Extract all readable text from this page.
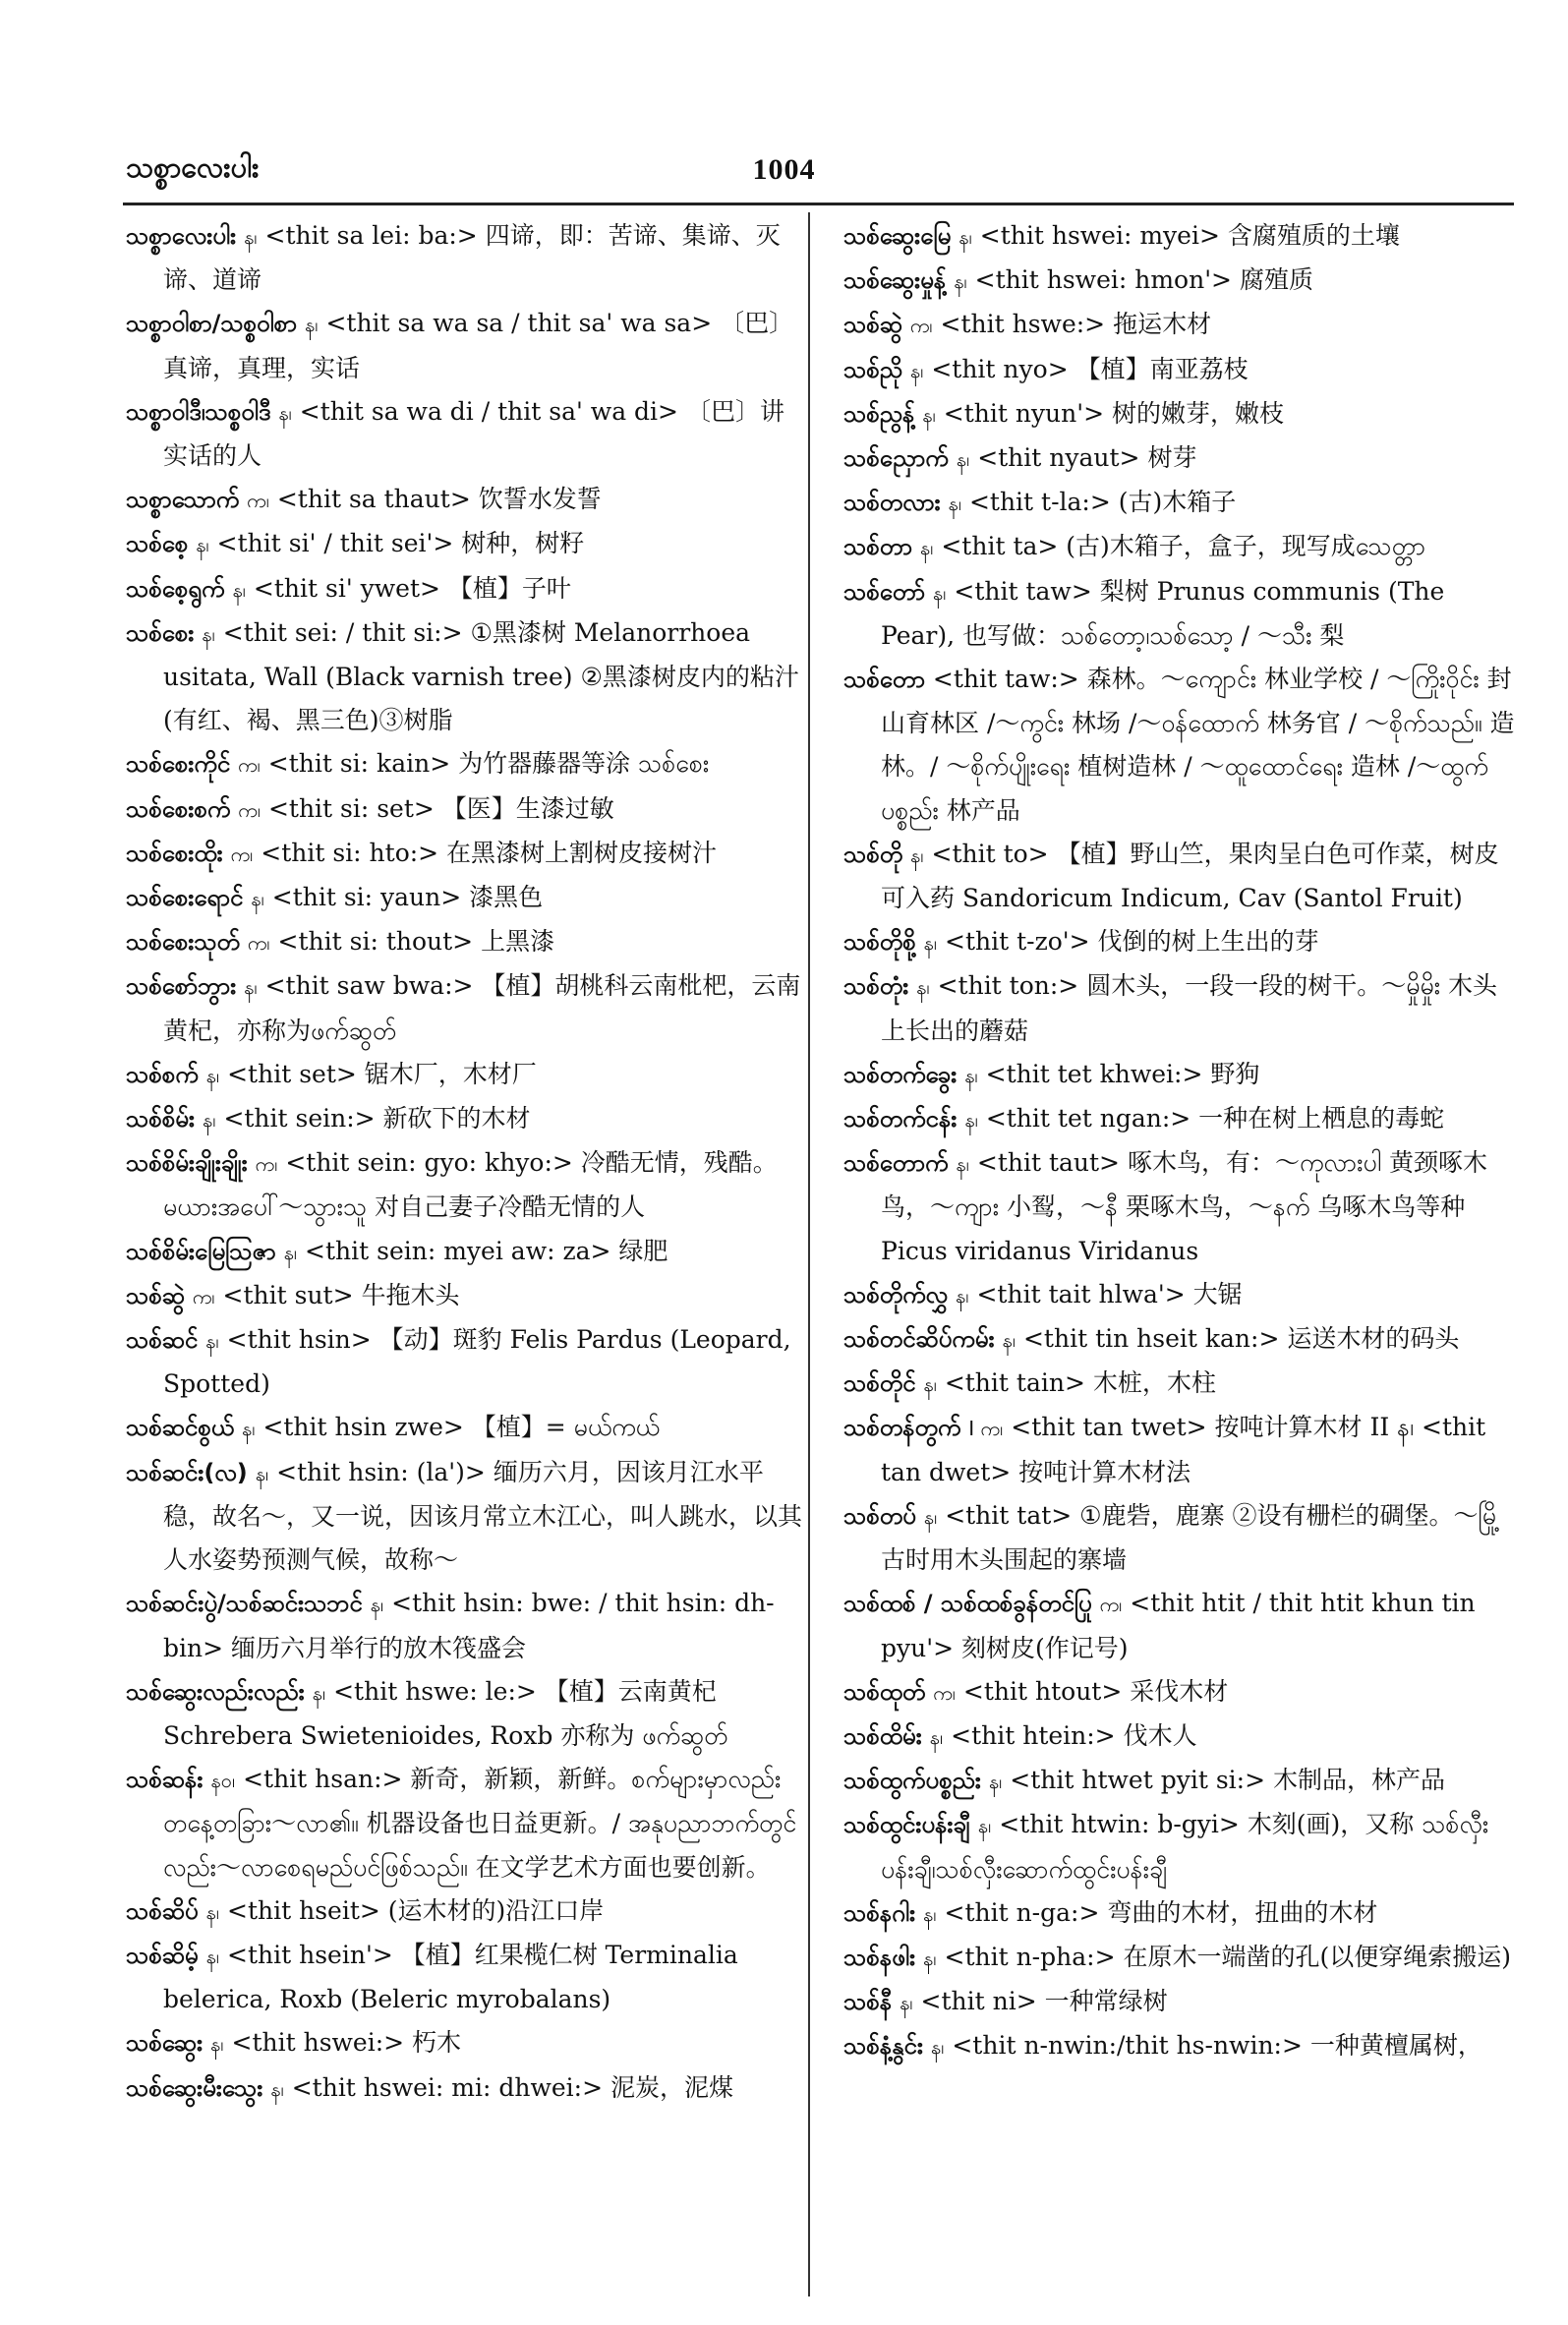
သစ္စာလေးပါး	1004

သစ္စာလေးပါး န၊ <thit sa lei: ba:> 四谛，即：苦谛、集谛、灭谛、道谛

သစ္စာဝါစာ/သစ္စဝါစာ န၊ <thit sa wa sa / thit sa' wa sa> 〔巴〕真谛，真理，实话

သစ္စာဝါဒီ၊သစ္စဝါဒီ န၊ <thit sa wa di / thit sa' wa di> 〔巴〕讲实话的人

သစ္စာသောက် က၊ <thit sa thaut> 饮誓水发誓

သစ်စေ့ န၊ <thit si' / thit sei'> 树种，树籽

သစ်စေ့ရွက် န၊ <thit si' ywet> 【植】子叶

သစ်စေး န၊ <thit sei: / thit si:> ①黑漆树 Melanorrhoea usitata, Wall (Black varnish tree) ②黑漆树皮内的粘汁(有红、褐、黑三色)③树脂

သစ်စေးကိုင် က၊ <thit si: kain> 为竹器藤器等涂 သစ်စေး

သစ်စေးစက် က၊ <thit si: set> 【医】生漆过敏

သစ်စေးထိုး က၊ <thit si: hto:> 在黑漆树上割树皮接树汁

သစ်စေးရောင် န၊ <thit si: yaun> 漆黑色

သစ်စေးသုတ် က၊ <thit si: thout> 上黑漆

သစ်စော်ဘွား န၊ <thit saw bwa:> 【植】胡桃科云南枇杷，云南黄杞，亦称为ဖက်ဆွတ်

သစ်စက် န၊ <thit set> 锯木厂，木材厂

သစ်စိမ်း န၊ <thit sein:> 新砍下的木材

သစ်စိမ်းချိုးချိုး က၊ <thit sein: gyo: khyo:> 冷酷无情，残酷。မယားအပေါ်～သွားသူ 对自己妻子冷酷无情的人

သစ်စိမ်းမြေဩဇာ န၊ <thit sein: myei aw: za> 绿肥

သစ်ဆွဲ က၊ <thit sut> 牛拖木头

သစ်ဆင် န၊ <thit hsin> 【动】斑豹 Felis Pardus (Leopard, Spotted)

သစ်ဆင်စွယ် န၊ <thit hsin zwe> 【植】= မယ်ကယ်

သစ်ဆင်း(လ) န၊ <thit hsin: (la')> 缅历六月，因该月江水平稳，故名～，又一说，因该月常立木江心，叫人跳水，以其人水姿势预测气候，故称～

သစ်ဆင်းပွဲ/သစ်ဆင်းသဘင် န၊ <thit hsin: bwe: / thit hsin: dh-bin> 缅历六月举行的放木筏盛会

သစ်ဆွေးလည်းလည်း န၊ <thit hswe: le:> 【植】云南黄杞 Schrebera Swietenioides, Roxb 亦称为 ဖက်ဆွတ်

သစ်ဆန်း နဝ၊ <thit hsan:> 新奇，新颖，新鲜。စက်များမှာလည်းတနေ့တခြား～လာ၏။ 机器设备也日益更新。/ အနုပညာဘက်တွင်လည်း～လာစေရမည်ပင်ဖြစ်သည်။ 在文学艺术方面也要创新。

သစ်ဆိပ် န၊ <thit hseit> (运木材的)沿江口岸

သစ်ဆိမ့် န၊ <thit hsein'> 【植】红果榄仁树 Terminalia belerica, Roxb (Beleric myrobalans)

သစ်ဆွေး န၊ <thit hswei:> 朽木

သစ်ဆွေးမီးသွေး န၊ <thit hswei: mi: dhwei:> 泥炭，泥煤

သစ်ဆွေးမြေ န၊ <thit hswei: myei> 含腐殖质的土壤

သစ်ဆွေးမှုန့် န၊ <thit hswei: hmon'> 腐殖质

သစ်ဆွဲ က၊ <thit hswe:> 拖运木材

သစ်ညို န၊ <thit nyo> 【植】南亚荔枝

သစ်ညွန့် န၊ <thit nyun'> 树的嫩芽，嫩枝

သစ်ညှောက် န၊ <thit nyaut> 树芽

သစ်တလား န၊ <thit t-la:> (古)木箱子

သစ်တာ န၊ <thit ta> (古)木箱子，盒子，现写成သေတ္တာ

သစ်တော် န၊ <thit taw> 梨树 Prunus communis (The Pear), 也写做：သစ်တော့၊သစ်သော့ / ～သီး 梨

သစ်တော <thit taw:> 森林。～ကျောင်း 林业学校 / ～ကြိုးဝိုင်း 封山育林区 /～ကွင်း 林场 /～ဝန်ထောက် 林务官 / ～စိုက်သည်။ 造林。/ ～စိုက်ပျိုးရေး 植树造林 / ～ထူထောင်ရေး 造林 /～ထွက်ပစ္စည်း 林产品

သစ်တို န၊ <thit to> 【植】野山竺，果肉呈白色可作菜，树皮可入药 Sandoricum Indicum, Cav (Santol Fruit)

သစ်တိုစို့ န၊ <thit t-zo'> 伐倒的树上生出的芽

သစ်တုံး န၊ <thit ton:> 圆木头，一段一段的树干。～မှိုမှိုး 木头上长出的蘑菇

သစ်တက်ခွေး န၊ <thit tet khwei:> 野狗

သစ်တက်ငန်း န၊ <thit tet ngan:> 一种在树上栖息的毒蛇

သစ်တောက် န၊ <thit taut> 啄木鸟，有：～ကုလားပါ 黄颈啄木鸟，～ကျား 小䴕，～နီ 栗啄木鸟，～နက် 乌啄木鸟等种 Picus viridanus Viridanus

သစ်တိုက်လွှ န၊ <thit tait hlwa'> 大锯

သစ်တင်ဆိပ်ကမ်း န၊ <thit tin hseit kan:> 运送木材的码头

သစ်တိုင် န၊ <thit tain> 木桩，木柱

သစ်တန်တွက် I က၊ <thit tan twet> 按吨计算木材 II န၊ <thit tan dwet> 按吨计算木材法

သစ်တပ် န၊ <thit tat> ①鹿砦，鹿寨 ②设有栅栏的碉堡。～မြို့ 古时用木头围起的寨墙

သစ်ထစ် / သစ်ထစ်ခွန်တင်ပြု က၊ <thit htit / thit htit khun tin pyu'> 刻树皮(作记号)

သစ်ထုတ် က၊ <thit htout> 采伐木材

သစ်ထိမ်း န၊ <thit htein:> 伐木人

သစ်ထွက်ပစ္စည်း န၊ <thit htwet pyit si:> 木制品，林产品

သစ်ထွင်းပန်းချီ န၊ <thit htwin: b-gyi> 木刻(画)，又称 သစ်လှီးပန်းချီ၊သစ်လှီးဆောက်ထွင်းပန်းချီ

သစ်နဂါး န၊ <thit n-ga:> 弯曲的木材，扭曲的木材

သစ်နဖါး န၊ <thit n-pha:> 在原木一端凿的孔(以便穿绳索搬运)

သစ်နီ န၊ <thit ni> 一种常绿树

သစ်နံ့နွင်း န၊ <thit n-nwin:/thit hs-nwin:> 一种黄檀属树，
